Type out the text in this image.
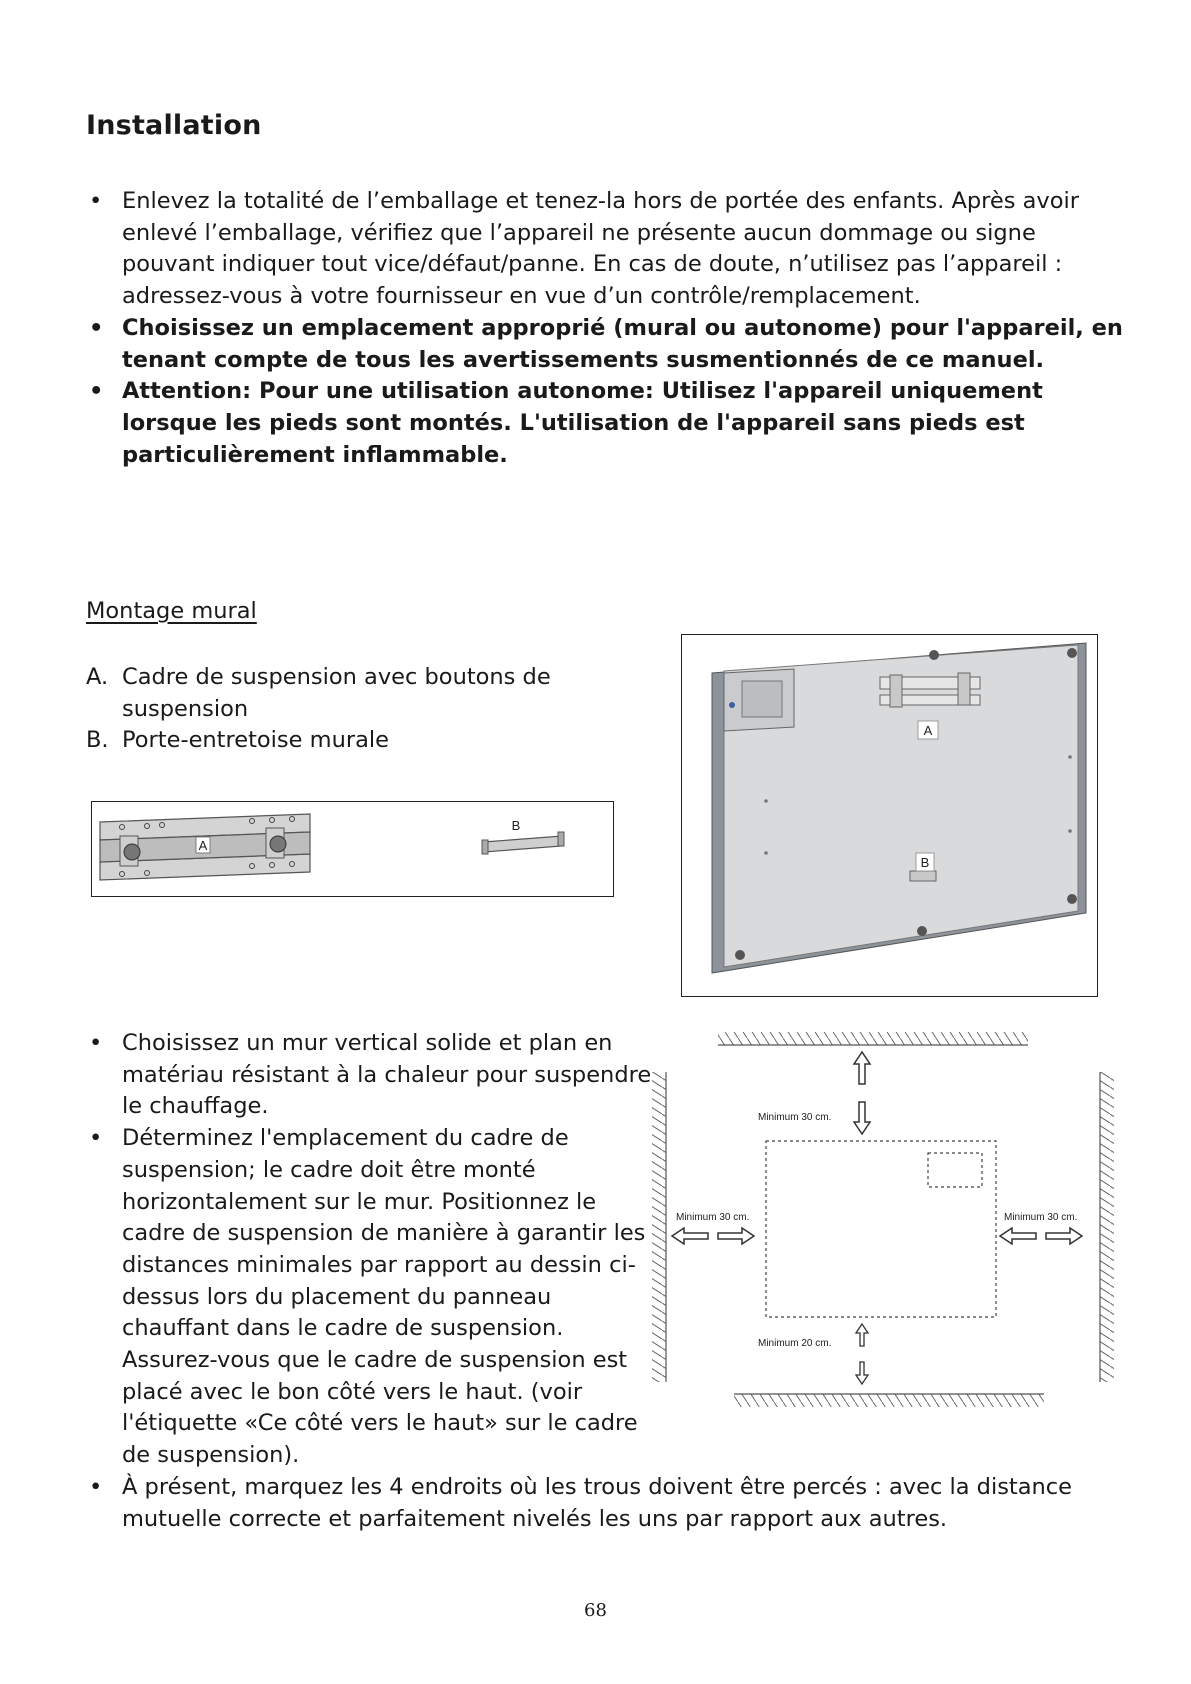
Installation
• Enlevez la totalité de l’emballage et tenez-la hors de portée des enfants. Après avoir enlevé l’emballage, vérifiez que l’appareil ne présente aucun dommage ou signe pouvant indiquer tout vice/défaut/panne. En cas de doute, n’utilisez pas l’appareil : adressez-vous à votre fournisseur en vue d’un contrôle/remplacement.
• Choisissez un emplacement approprié (mural ou autonome) pour l'appareil, en tenant compte de tous les avertissements susmentionnés de ce manuel.
• Attention: Pour une utilisation autonome: Utilisez l'appareil uniquement lorsque les pieds sont montés. L'utilisation de l'appareil sans pieds est particulièrement inflammable.
Montage mural
A. Cadre de suspension avec boutons de suspension
B. Porte-entretoise murale
A
B
A
B
Minimum 30 cm.
Minimum 30 cm.	Minimum 30 cm.
Minimum 20 cm.
• Choisissez un mur vertical solide et plan en matériau résistant à la chaleur pour suspendre le chauffage.
• Déterminez l'emplacement du cadre de suspension; le cadre doit être monté horizontalement sur le mur. Positionnez le cadre de suspension de manière à garantir les distances minimales par rapport au dessin ci-dessus lors du placement du panneau chauffant dans le cadre de suspension. Assurez-vous que le cadre de suspension est placé avec le bon côté vers le haut. (voir l'étiquette «Ce côté vers le haut» sur le cadre de suspension).
• À présent, marquez les 4 endroits où les trous doivent être percés : avec la distance mutuelle correcte et parfaitement nivelés les uns par rapport aux autres.
68
